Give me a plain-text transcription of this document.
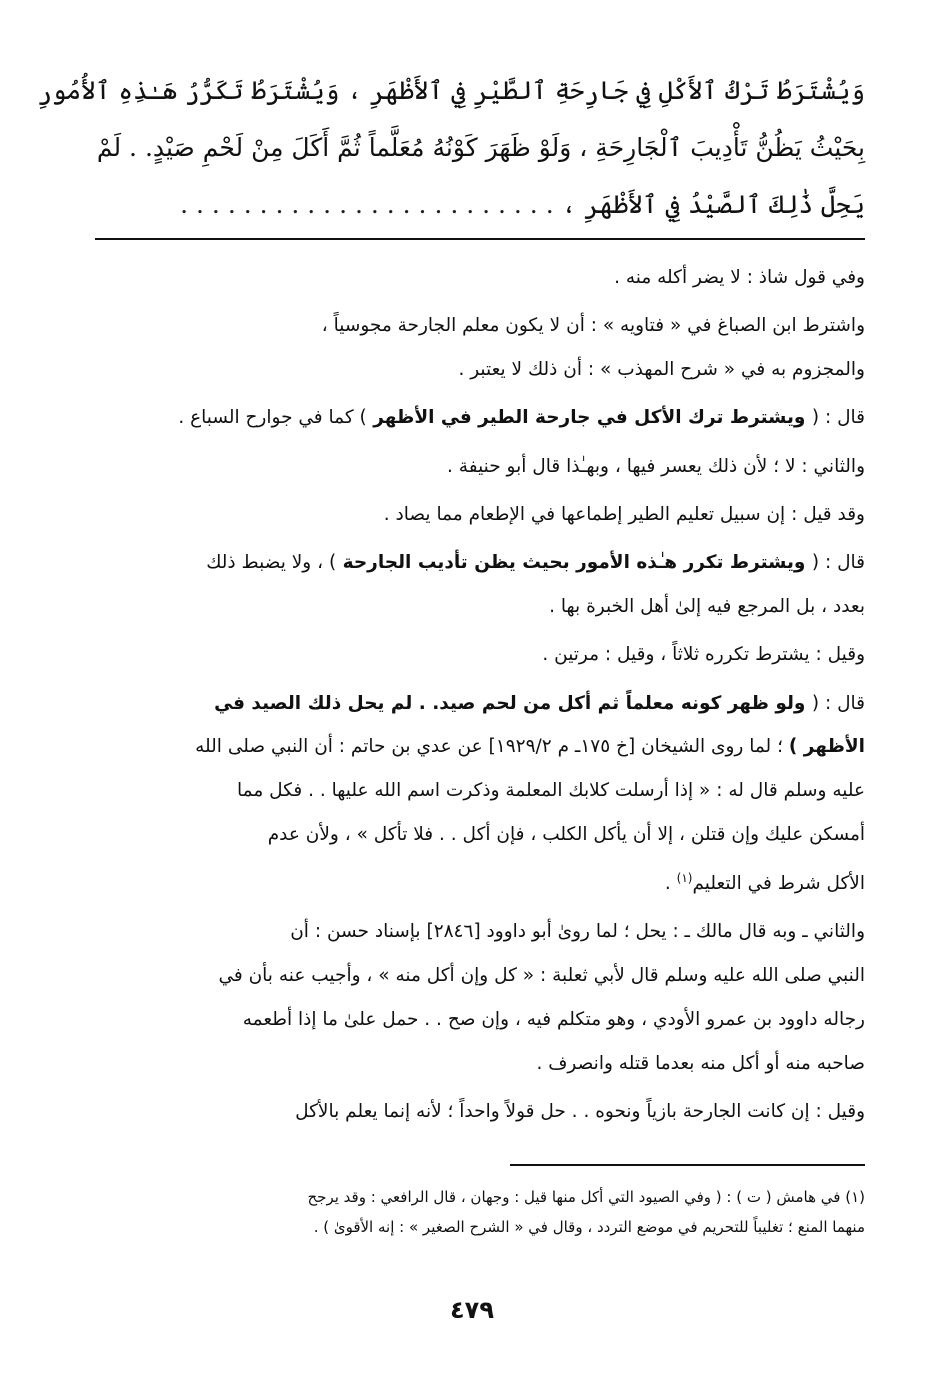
وَيُشْتَرَطُ تَرْكُ ٱلأَكْلِ فِي جَارِحَةِ ٱلطَّيْرِ فِي ٱلأَظْهَرِ ، وَيُشْتَرَطُ تَكَرُّرُ هَـٰذِهِ ٱلأُمُورِ

بِحَيْثُ يَظُنُّ تَأْدِيبَ ٱلْجَارِحَةِ ، وَلَوْ ظَهَرَ كَوْنُهُ مُعَلَّماً ثُمَّ أَكَلَ مِنْ لَحْمِ صَيْدٍ. . لَمْ

يَحِلَّ ذَٰلِكَ ٱلصَّيْدُ فِي ٱلأَظْهَرِ ، . . . . . . . . . . . . . . . . . . . . . . . .

وفي قول شاذ : لا يضر أكله منه .

واشترط ابن الصباغ في « فتاويه » : أن لا يكون معلم الجارحة مجوسياً ،
والمجزوم به في « شرح المهذب » : أن ذلك لا يعتبر .

قال : ( ويشترط ترك الأكل في جارحة الطير في الأظهر ) كما في جوارح السباع .

والثاني : لا ؛ لأن ذلك يعسر فيها ، وبهـٰذا قال أبو حنيفة .

وقد قيل : إن سبيل تعليم الطير إطماعها في الإطعام مما يصاد .

قال : ( ويشترط تكرر هـٰذه الأمور بحيث يظن تأديب الجارحة ) ، ولا يضبط ذلك
بعدد ، بل المرجع فيه إلىٰ أهل الخبرة بها .

وقيل : يشترط تكرره ثلاثاً ، وقيل : مرتين .

قال : ( ولو ظهر كونه معلماً ثم أكل من لحم صيد. . لم يحل ذلك الصيد في
الأظهر ) ؛ لما روى الشيخان [خ ١٧٥ـ م ١٩٢٩/٢] عن عدي بن حاتم : أن النبي صلى الله
عليه وسلم قال له : « إذا أرسلت كلابك المعلمة وذكرت اسم الله عليها . . فكل مما
أمسكن عليك وإن قتلن ، إلا أن يأكل الكلب ، فإن أكل . . فلا تأكل » ، ولأن عدم
الأكل شرط في التعليم$^{(١)}$ .

والثاني ـ وبه قال مالك ـ : يحل ؛ لما روىٰ أبو داوود [٢٨٤٦] بإسناد حسن : أن
النبي صلى الله عليه وسلم قال لأبي ثعلبة : « كل وإن أكل منه » ، وأجيب عنه بأن في
رجاله داوود بن عمرو الأودي ، وهو متكلم فيه ، وإن صح . . حمل علىٰ ما إذا أطعمه
صاحبه منه أو أكل منه بعدما قتله وانصرف .

وقيل : إن كانت الجارحة بازياً ونحوه . . حل قولاً واحداً ؛ لأنه إنما يعلم بالأكل

(١) في هامش ( ت ) : ( وفي الصيود التي أكل منها قيل : وجهان ، قال الرافعي : وقد يرجح

منهما المنع ؛ تغليباً للتحريم في موضع التردد ، وقال في « الشرح الصغير » : إنه الأقوىٰ ) .

٤٧٩
